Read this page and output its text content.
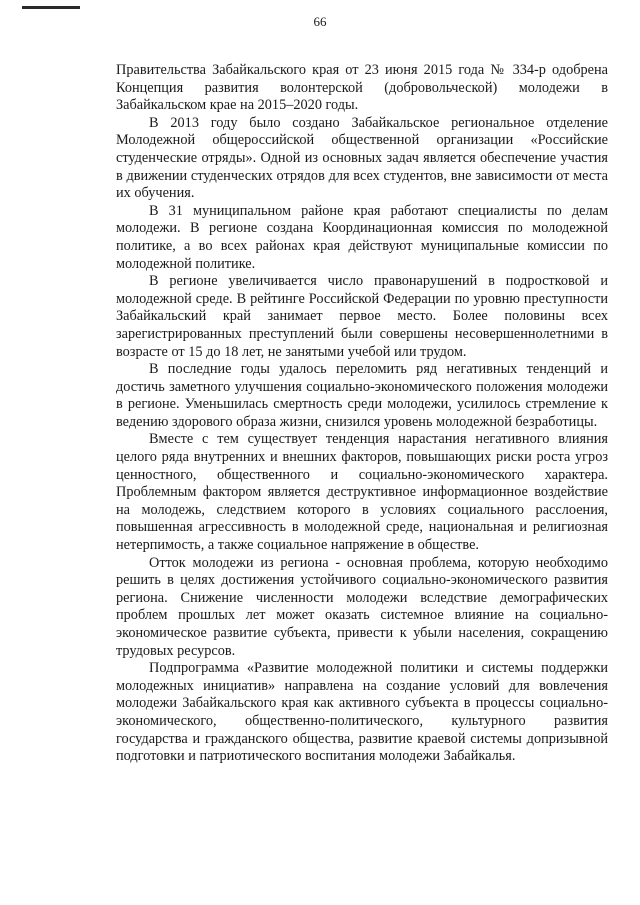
66

Правительства Забайкальского края от 23 июня 2015 года № 334-р одобрена Концепция развития волонтерской (добровольческой) молодежи в Забайкальском крае на 2015–2020 годы.

В 2013 году было создано Забайкальское региональное отделение Молодежной общероссийской общественной организации «Российские студенческие отряды». Одной из основных задач является обеспечение участия в движении студенческих отрядов для всех студентов, вне зависимости от места их обучения.

В 31 муниципальном районе края работают специалисты по делам молодежи. В регионе создана Координационная комиссия по молодежной политике, а во всех районах края действуют муниципальные комиссии по молодежной политике.

В регионе увеличивается число правонарушений в подростковой и молодежной среде. В рейтинге Российской Федерации по уровню преступности Забайкальский край занимает первое место. Более половины всех зарегистрированных преступлений были совершены несовершеннолетними в возрасте от 15 до 18 лет, не занятыми учебой или трудом.

В последние годы удалось переломить ряд негативных тенденций и достичь заметного улучшения социально-экономического положения молодежи в регионе. Уменьшилась смертность среди молодежи, усилилось стремление к ведению здорового образа жизни, снизился уровень молодежной безработицы.

Вместе с тем существует тенденция нарастания негативного влияния целого ряда внутренних и внешних факторов, повышающих риски роста угроз ценностного, общественного и социально-экономического характера. Проблемным фактором является деструктивное информационное воздействие на молодежь, следствием которого в условиях социального расслоения, повышенная агрессивность в молодежной среде, национальная и религиозная нетерпимость, а также социальное напряжение в обществе.

Отток молодежи из региона - основная проблема, которую необходимо решить в целях достижения устойчивого социально-экономического развития региона. Снижение численности молодежи вследствие демографических проблем прошлых лет может оказать системное влияние на социально-экономическое развитие субъекта, привести к убыли населения, сокращению трудовых ресурсов.

Подпрограмма «Развитие молодежной политики и системы поддержки молодежных инициатив» направлена на создание условий для вовлечения молодежи Забайкальского края как активного субъекта в процессы социально-экономического, общественно-политического, культурного развития государства и гражданского общества, развитие краевой системы допризывной подготовки и патриотического воспитания молодежи Забайкалья.
